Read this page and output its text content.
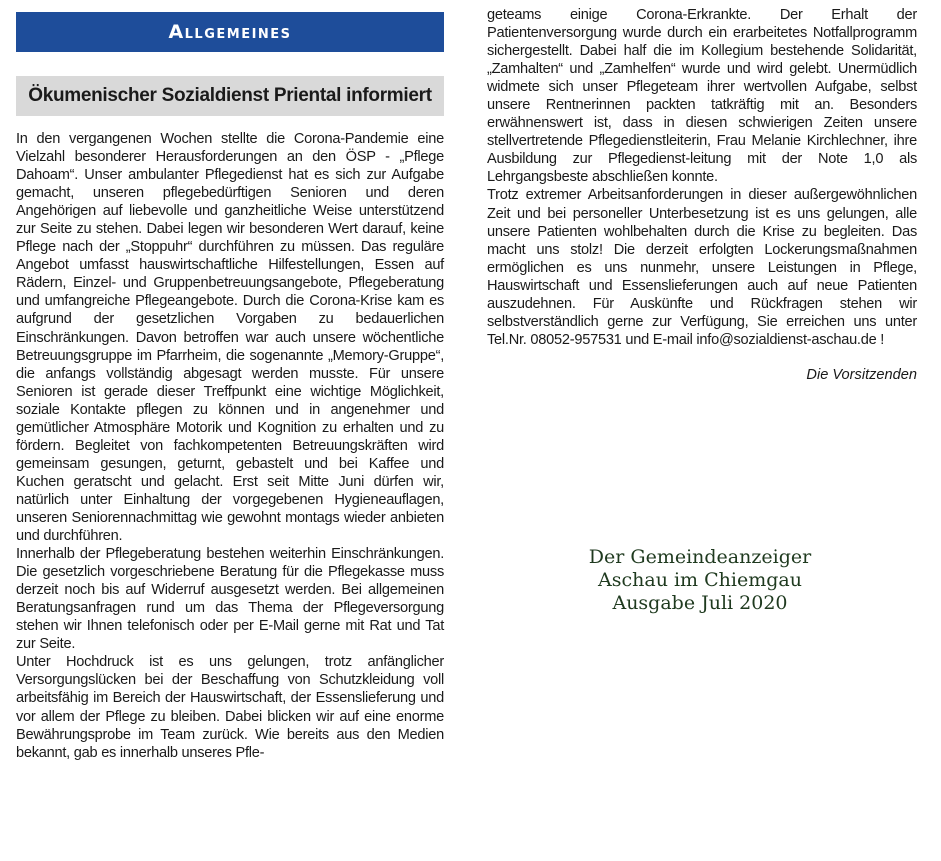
Allgemeines
Ökumenischer Sozialdienst Priental informiert

In den vergangenen Wochen stellte die Corona-Pandemie eine Vielzahl besonderer Herausforderungen an den ÖSP - „Pflege Dahoam“. Unser ambulanter Pflegedienst hat es sich zur Aufgabe gemacht, unseren pflegebedürftigen Senioren und deren Angehörigen auf liebevolle und ganzheitliche Weise unterstützend zur Seite zu stehen. Dabei legen wir besonderen Wert darauf, keine Pflege nach der „Stoppuhr“ durchführen zu müssen. Das reguläre Angebot umfasst hauswirtschaftliche Hilfestellungen, Essen auf Rädern, Einzel- und Gruppenbetreuungsangebote, Pflegeberatung und umfangreiche Pflegeangebote. Durch die Corona-Krise kam es aufgrund der gesetzlichen Vorgaben zu bedauerlichen Einschränkungen. Davon betroffen war auch unsere wöchentliche Betreuungsgruppe im Pfarrheim, die sogenannte „Memory-Gruppe“, die anfangs vollständig abgesagt werden musste. Für unsere Senioren ist gerade dieser Treffpunkt eine wichtige Möglichkeit, soziale Kontakte pflegen zu können und in angenehmer und gemütlicher Atmosphäre Motorik und Kognition zu erhalten und zu fördern. Begleitet von fachkompetenten Betreuungskräften wird gemeinsam gesungen, geturnt, gebastelt und bei Kaffee und Kuchen geratscht und gelacht. Erst seit Mitte Juni dürfen wir, natürlich unter Einhaltung der vorgegebenen Hygieneauflagen, unseren Seniorennachmittag wie gewohnt montags wieder anbieten und durchführen.

Innerhalb der Pflegeberatung bestehen weiterhin Einschränkungen. Die gesetzlich vorgeschriebene Beratung für die Pflegekasse muss derzeit noch bis auf Widerruf ausgesetzt werden. Bei allgemeinen Beratungsanfragen rund um das Thema der Pflegeversorgung stehen wir Ihnen telefonisch oder per E-Mail gerne mit Rat und Tat zur Seite.

Unter Hochdruck ist es uns gelungen, trotz anfänglicher Versorgungslücken bei der Beschaffung von Schutzkleidung voll arbeitsfähig im Bereich der Hauswirtschaft, der Essenslieferung und vor allem der Pflege zu bleiben. Dabei blicken wir auf eine enorme Bewährungsprobe im Team zurück. Wie bereits aus den Medien bekannt, gab es innerhalb unseres Pfle-

geteams einige Corona-Erkrankte. Der Erhalt der Patientenversorgung wurde durch ein erarbeitetes Notfallprogramm sichergestellt. Dabei half die im Kollegium bestehende Solidarität, „Zamhalten“ und „Zamhelfen“ wurde und wird gelebt. Unermüdlich widmete sich unser Pflegeteam ihrer wertvollen Aufgabe, selbst unsere Rentnerinnen packten tatkräftig mit an. Besonders erwähnenswert ist, dass in diesen schwierigen Zeiten unsere stellvertretende Pflegedienstleiterin, Frau Melanie Kirchlechner, ihre Ausbildung zur Pflegedienst-leitung mit der Note 1,0 als Lehrgangsbeste abschließen konnte.

Trotz extremer Arbeitsanforderungen in dieser außergewöhnlichen Zeit und bei personeller Unterbesetzung ist es uns gelungen, alle unsere Patienten wohlbehalten durch die Krise zu begleiten. Das macht uns stolz! Die derzeit erfolgten Lockerungsmaßnahmen ermöglichen es uns nunmehr, unsere Leistungen in Pflege, Hauswirtschaft und Essenslieferungen auch auf neue Patienten auszudehnen. Für Auskünfte und Rückfragen stehen wir selbstverständlich gerne zur Verfügung, Sie erreichen uns unter Tel.Nr. 08052-957531 und E-mail info@sozialdienst-aschau.de !

Die Vorsitzenden
Der Gemeindeanzeiger
Aschau im Chiemgau
Ausgabe Juli 2020
